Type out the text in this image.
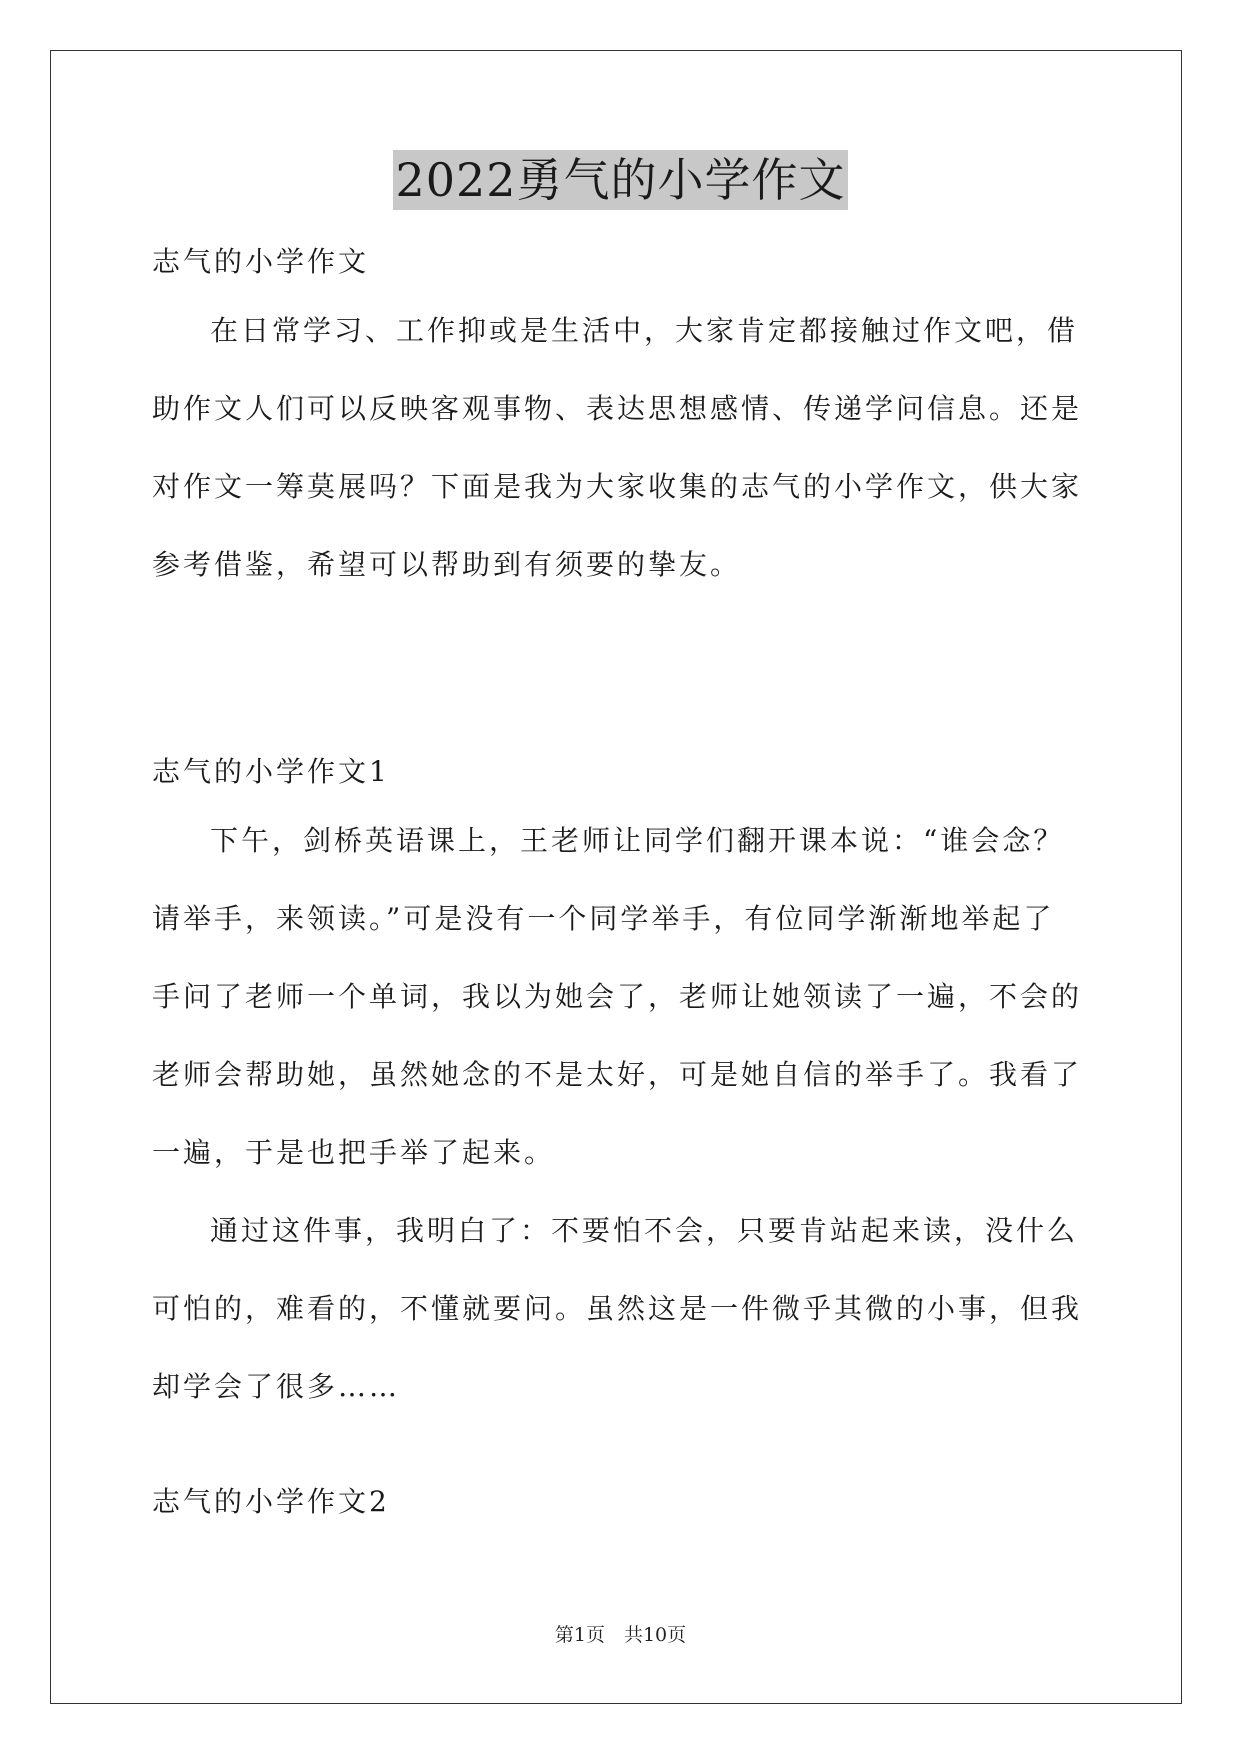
2022勇气的小学作文
志气的小学作文
在日常学习、工作抑或是生活中，大家肯定都接触过作文吧，借
助作文人们可以反映客观事物、表达思想感情、传递学问信息。还是
对作文一筹莫展吗？下面是我为大家收集的志气的小学作文，供大家
参考借鉴，希望可以帮助到有须要的挚友。
志气的小学作文1
下午，剑桥英语课上，王老师让同学们翻开课本说：“谁会念？
请举手，来领读。”可是没有一个同学举手，有位同学渐渐地举起了
手问了老师一个单词，我以为她会了，老师让她领读了一遍，不会的
老师会帮助她，虽然她念的不是太好，可是她自信的举手了。我看了
一遍，于是也把手举了起来。
通过这件事，我明白了：不要怕不会，只要肯站起来读，没什么
可怕的，难看的，不懂就要问。虽然这是一件微乎其微的小事，但我
却学会了很多……
志气的小学作文2
第1页　共10页
